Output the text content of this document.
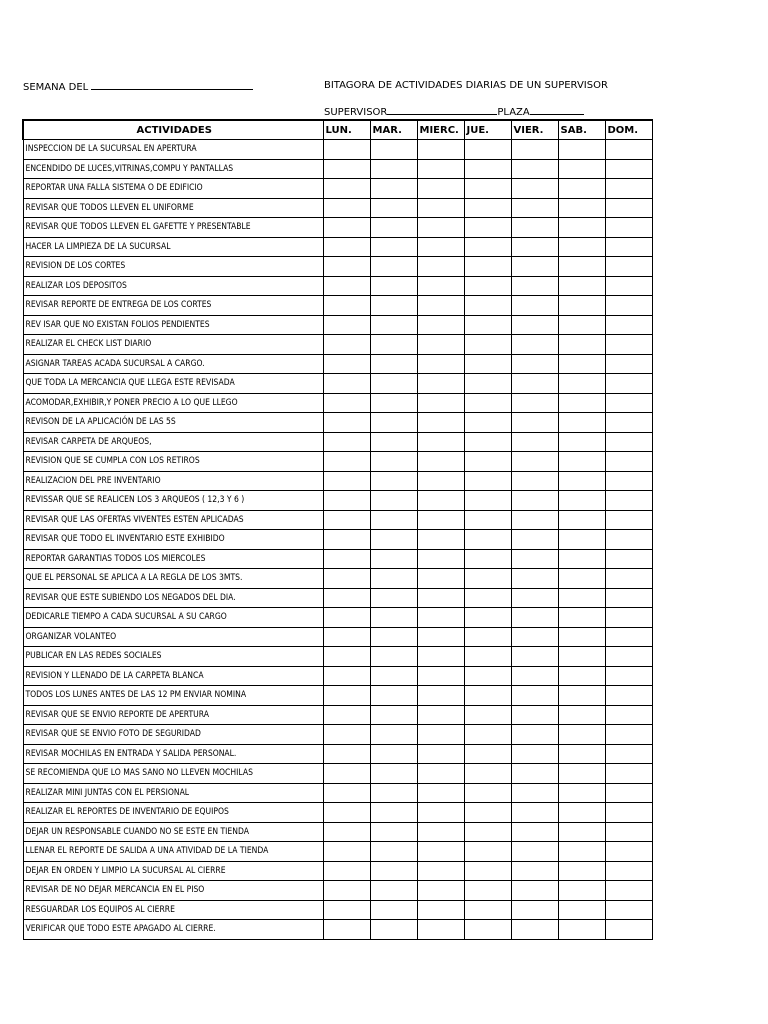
SEMANA DEL	BITAGORA DE ACTIVIDADES DIARIAS DE UN SUPERVISOR
SUPERVISOR	PLAZA
ACTIVIDADES	LUN.	MAR.	MIERC.	JUE.	VIER.	SAB.	DOM.
INSPECCION DE LA SUCURSAL EN APERTURA							
ENCENDIDO DE LUCES,VITRINAS,COMPU Y PANTALLAS							
REPORTAR UNA FALLA SISTEMA O DE EDIFICIO							
REVISAR QUE TODOS LLEVEN EL UNIFORME							
REVISAR QUE TODOS LLEVEN EL GAFETTE Y PRESENTABLE							
HACER LA LIMPIEZA DE LA SUCURSAL							
REVISION DE LOS CORTES							
REALIZAR LOS DEPOSITOS							
REVISAR REPORTE DE ENTREGA DE LOS CORTES							
REV ISAR QUE NO EXISTAN FOLIOS PENDIENTES							
REALIZAR EL CHECK LIST DIARIO							
ASIGNAR TAREAS ACADA SUCURSAL A CARGO.							
QUE TODA LA MERCANCIA QUE LLEGA ESTE REVISADA							
ACOMODAR,EXHIBIR,Y PONER PRECIO A LO QUE LLEGO							
REVISON DE LA APLICACIÓN DE LAS 5S							
REVISAR CARPETA DE ARQUEOS,							
REVISION QUE SE CUMPLA CON LOS RETIROS							
REALIZACION DEL PRE INVENTARIO							
REVISSAR QUE SE REALICEN LOS 3 ARQUEOS ( 12,3 Y 6 )							
REVISAR QUE LAS OFERTAS VIVENTES ESTEN APLICADAS							
REVISAR QUE TODO EL INVENTARIO ESTE EXHIBIDO							
REPORTAR GARANTIAS TODOS LOS MIERCOLES							
QUE EL PERSONAL SE APLICA A LA REGLA DE LOS 3MTS.							
REVISAR QUE ESTE SUBIENDO LOS NEGADOS DEL DIA.							
DEDICARLE TIEMPO A CADA SUCURSAL A SU CARGO							
ORGANIZAR VOLANTEO							
PUBLICAR EN LAS REDES SOCIALES							
REVISION Y LLENADO DE LA CARPETA BLANCA							
TODOS LOS LUNES ANTES DE LAS 12 PM ENVIAR NOMINA							
REVISAR QUE SE ENVIO REPORTE DE APERTURA							
REVISAR QUE SE ENVIO FOTO DE SEGURIDAD							
REVISAR MOCHILAS EN ENTRADA Y SALIDA PERSONAL.							
SE RECOMIENDA QUE LO MAS SANO NO LLEVEN MOCHILAS							
REALIZAR MINI JUNTAS CON EL PERSIONAL							
REALIZAR EL REPORTES DE INVENTARIO DE EQUIPOS							
DEJAR UN RESPONSABLE CUANDO NO SE ESTE EN TIENDA							
LLENAR EL REPORTE DE SALIDA A UNA ATIVIDAD DE LA TIENDA							
DEJAR EN ORDEN Y LIMPIO LA SUCURSAL AL CIERRE							
REVISAR DE NO DEJAR MERCANCIA EN EL PISO							
RESGUARDAR LOS EQUIPOS AL CIERRE							
VERIFICAR QUE TODO ESTE APAGADO AL CIERRE.							
